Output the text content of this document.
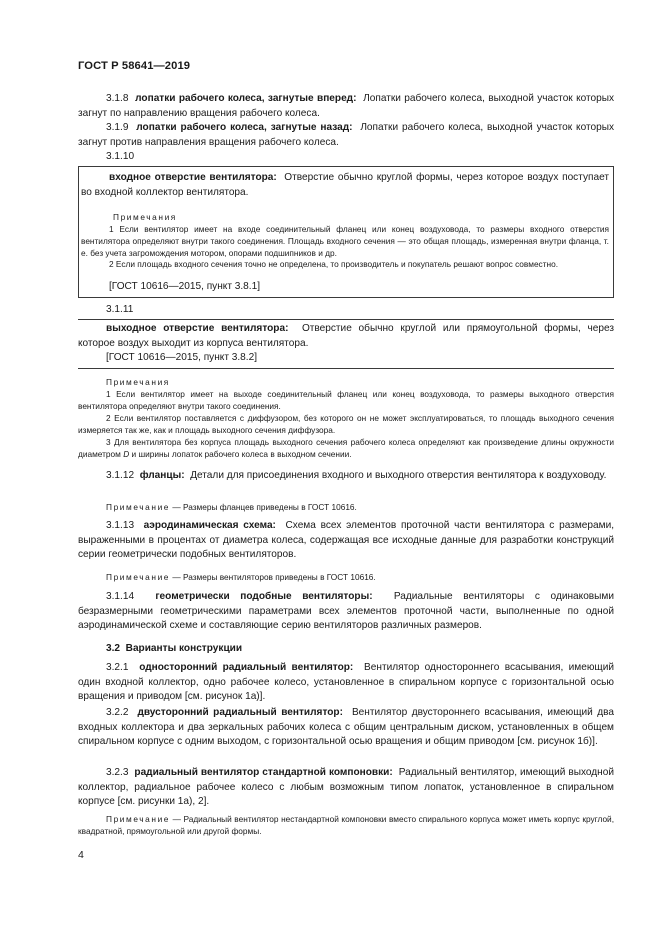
ГОСТ Р 58641—2019
3.1.8 лопатки рабочего колеса, загнутые вперед: Лопатки рабочего колеса, выходной участок которых загнут по направлению вращения рабочего колеса.
3.1.9 лопатки рабочего колеса, загнутые назад: Лопатки рабочего колеса, выходной участок которых загнут против направления вращения рабочего колеса.
3.1.10
входное отверстие вентилятора: Отверстие обычно круглой формы, через которое воздух поступает во входной коллектор вентилятора.
Примечания
1 Если вентилятор имеет на входе соединительный фланец или конец воздуховода, то размеры входного отверстия вентилятора определяют внутри такого соединения. Площадь входного сечения — это общая площадь, измеренная внутри фланца, т. е. без учета загромождения мотором, опорами подшипников и др.
2 Если площадь входного сечения точно не определена, то производитель и покупатель решают вопрос совместно.
[ГОСТ 10616—2015, пункт 3.8.1]
3.1.11
выходное отверстие вентилятора: Отверстие обычно круглой или прямоугольной формы, через которое воздух выходит из корпуса вентилятора.
[ГОСТ 10616—2015, пункт 3.8.2]
Примечания
1 Если вентилятор имеет на выходе соединительный фланец или конец воздуховода, то размеры выходного отверстия вентилятора определяют внутри такого соединения.
2 Если вентилятор поставляется с диффузором, без которого он не может эксплуатироваться, то площадь выходного сечения измеряется так же, как и площадь выходного сечения диффузора.
3 Для вентилятора без корпуса площадь выходного сечения рабочего колеса определяют как произведение длины окружности диаметром D и ширины лопаток рабочего колеса в выходном сечении.
3.1.12 фланцы: Детали для присоединения входного и выходного отверстия вентилятора к воздуховоду.
Примечание — Размеры фланцев приведены в ГОСТ 10616.
3.1.13 аэродинамическая схема: Схема всех элементов проточной части вентилятора с размерами, выраженными в процентах от диаметра колеса, содержащая все исходные данные для разработки конструкций серии геометрически подобных вентиляторов.
Примечание — Размеры вентиляторов приведены в ГОСТ 10616.
3.1.14 геометрически подобные вентиляторы: Радиальные вентиляторы с одинаковыми безразмерными геометрическими параметрами всех элементов проточной части, выполненные по одной аэродинамической схеме и составляющие серию вентиляторов различных размеров.
3.2 Варианты конструкции
3.2.1 односторонний радиальный вентилятор: Вентилятор одностороннего всасывания, имеющий один входной коллектор, одно рабочее колесо, установленное в спиральном корпусе с горизонтальной осью вращения и приводом [см. рисунок 1а)].
3.2.2 двусторонний радиальный вентилятор: Вентилятор двустороннего всасывания, имеющий два входных коллектора и два зеркальных рабочих колеса с общим центральным диском, установленных в общем спиральном корпусе с одним выходом, с горизонтальной осью вращения и общим приводом [см. рисунок 1б)].
3.2.3 радиальный вентилятор стандартной компоновки: Радиальный вентилятор, имеющий выходной коллектор, радиальное рабочее колесо с любым возможным типом лопаток, установленное в спиральном корпусе [см. рисунки 1а), 2].
Примечание — Радиальный вентилятор нестандартной компоновки вместо спирального корпуса может иметь корпус круглой, квадратной, прямоугольной или другой формы.
4
